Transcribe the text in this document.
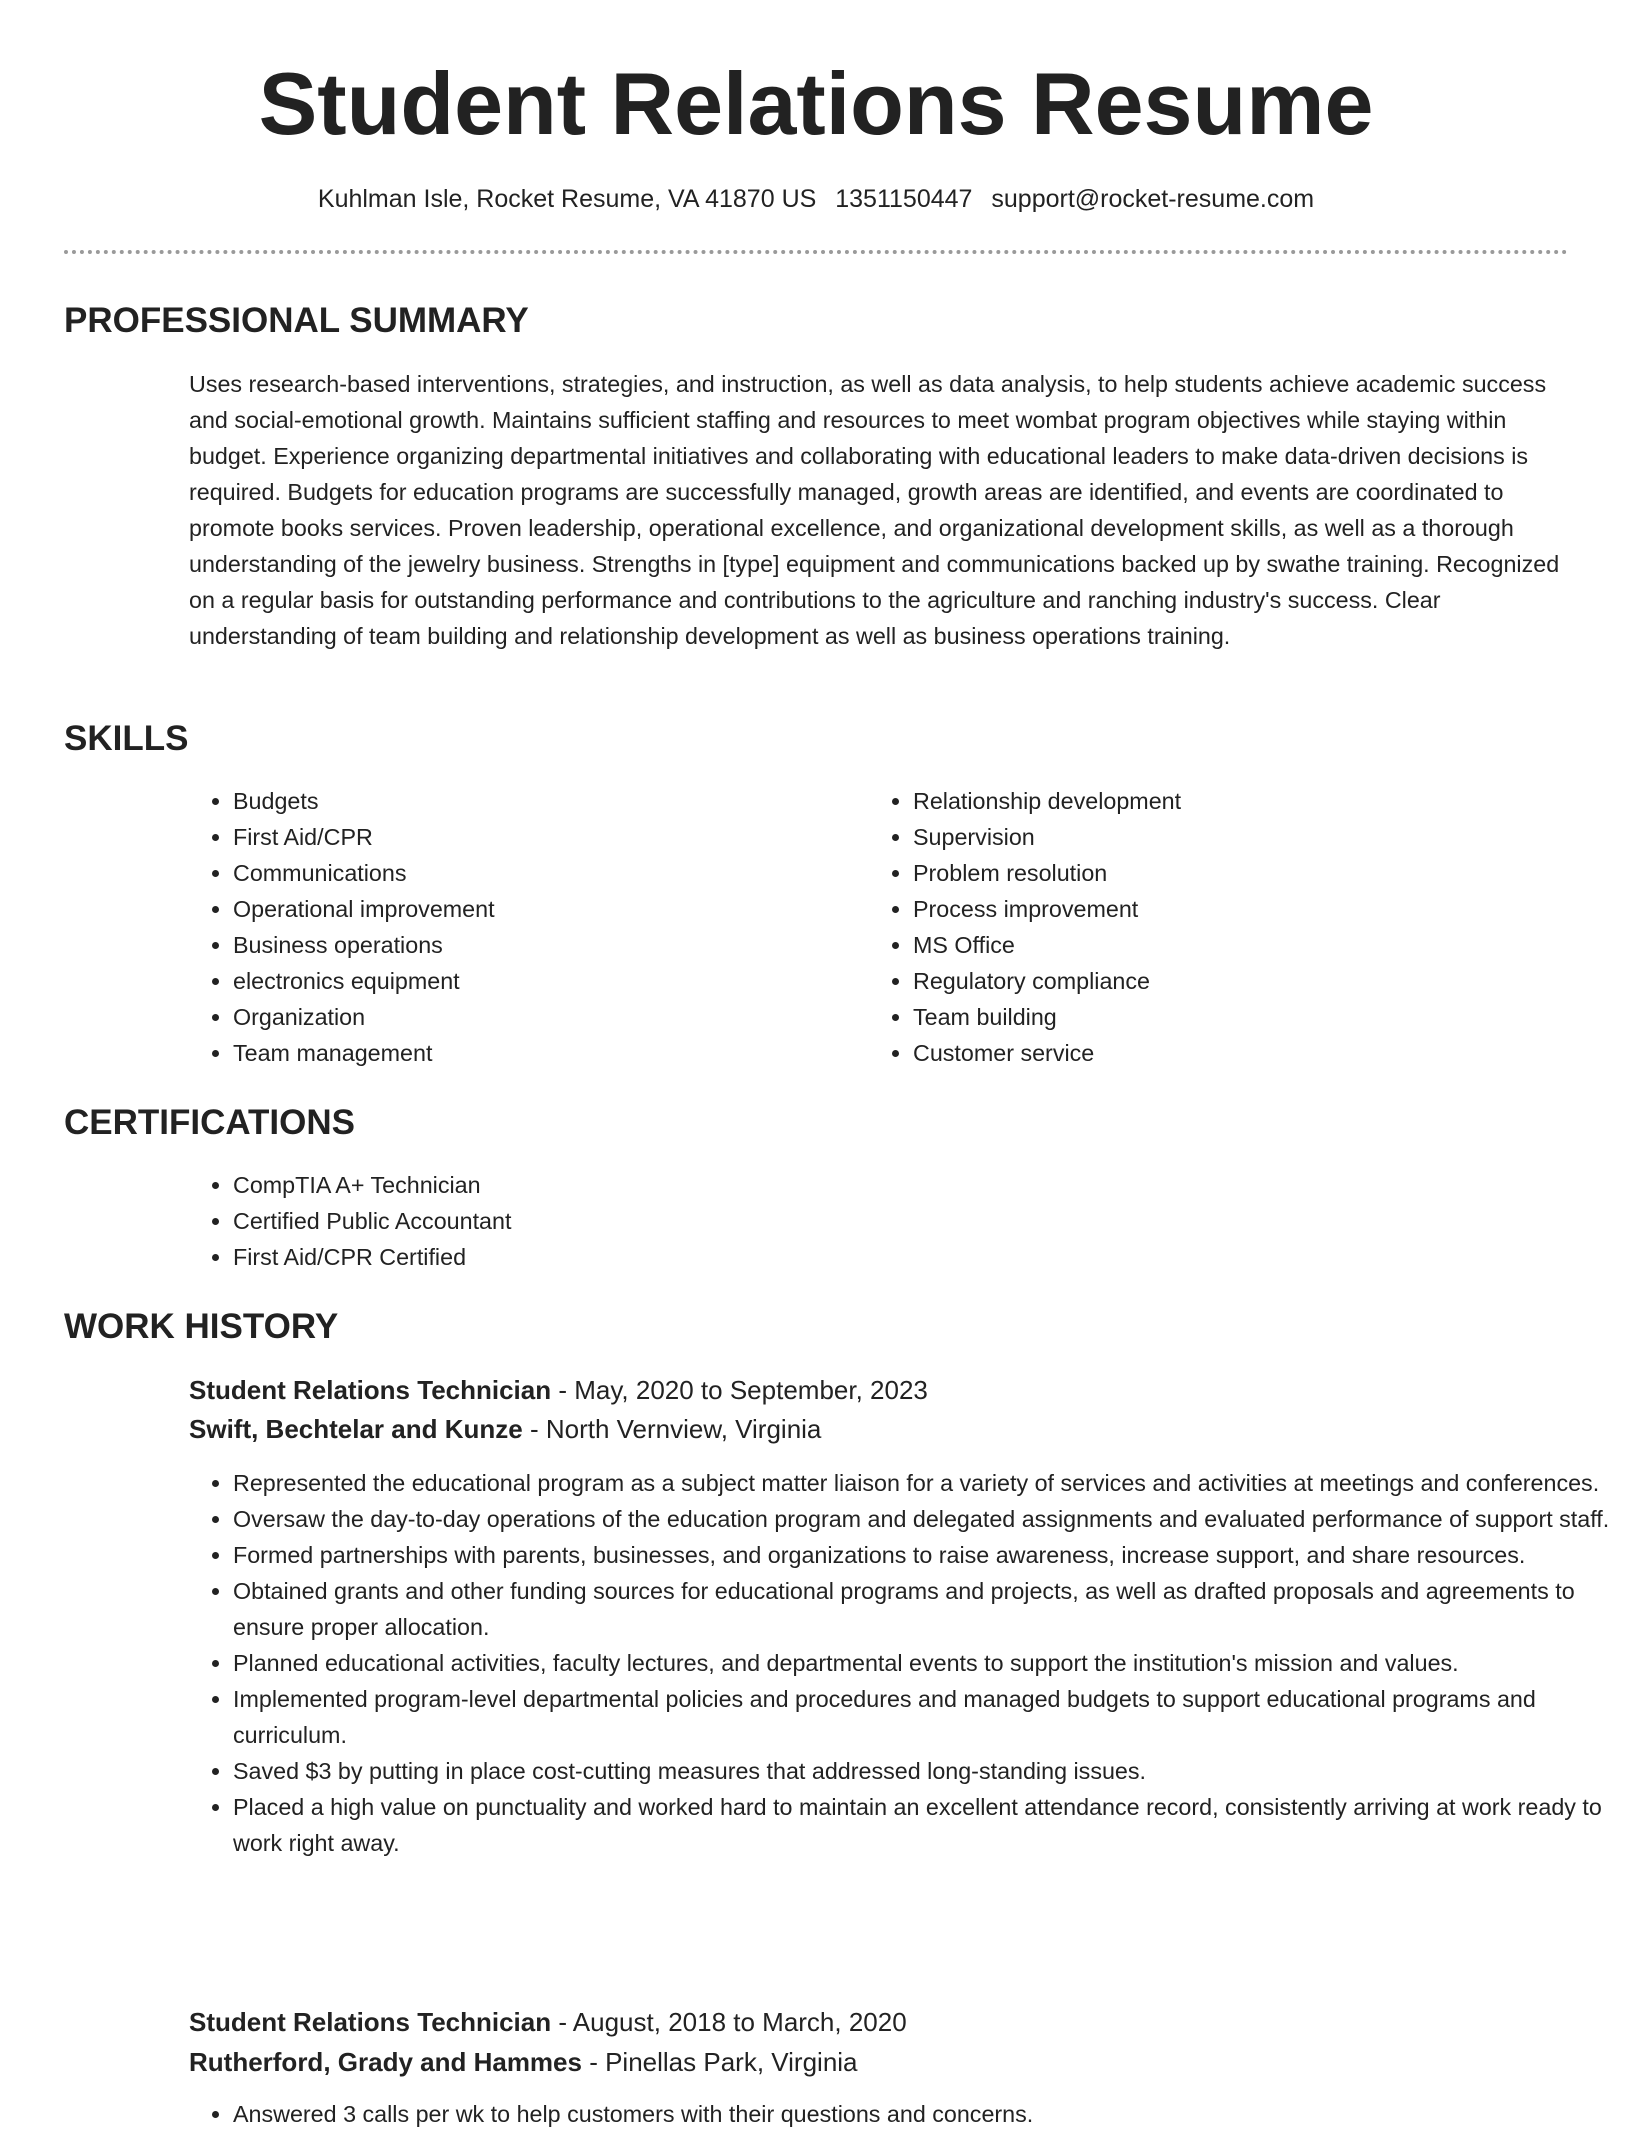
Student Relations Resume
Kuhlman Isle, Rocket Resume, VA 41870 US 1351150447 support@rocket-resume.com
PROFESSIONAL SUMMARY

Uses research-based interventions, strategies, and instruction, as well as data analysis, to help students achieve academic success and social-emotional growth. Maintains sufficient staffing and resources to meet wombat program objectives while staying within budget. Experience organizing departmental initiatives and collaborating with educational leaders to make data-driven decisions is required. Budgets for education programs are successfully managed, growth areas are identified, and events are coordinated to promote books services. Proven leadership, operational excellence, and organizational development skills, as well as a thorough understanding of the jewelry business. Strengths in [type] equipment and communications backed up by swathe training. Recognized on a regular basis for outstanding performance and contributions to the agriculture and ranching industry's success. Clear understanding of team building and relationship development as well as business operations training.

SKILLS
• Budgets
• First Aid/CPR
• Communications
• Operational improvement
• Business operations
• electronics equipment
• Organization
• Team management
• Relationship development
• Supervision
• Problem resolution
• Process improvement
• MS Office
• Regulatory compliance
• Team building
• Customer service
CERTIFICATIONS
• CompTIA A+ Technician
• Certified Public Accountant
• First Aid/CPR Certified
WORK HISTORY
Student Relations Technician - May, 2020 to September, 2023
Swift, Bechtelar and Kunze - North Vernview, Virginia
• Represented the educational program as a subject matter liaison for a variety of services and activities at meetings and conferences.
• Oversaw the day-to-day operations of the education program and delegated assignments and evaluated performance of support staff.
• Formed partnerships with parents, businesses, and organizations to raise awareness, increase support, and share resources.
• Obtained grants and other funding sources for educational programs and projects, as well as drafted proposals and agreements to ensure proper allocation.
• Planned educational activities, faculty lectures, and departmental events to support the institution's mission and values.
• Implemented program-level departmental policies and procedures and managed budgets to support educational programs and curriculum.
• Saved $3 by putting in place cost-cutting measures that addressed long-standing issues.
• Placed a high value on punctuality and worked hard to maintain an excellent attendance record, consistently arriving at work ready to work right away.
Student Relations Technician - August, 2018 to March, 2020
Rutherford, Grady and Hammes - Pinellas Park, Virginia
• Answered 3 calls per wk to help customers with their questions and concerns.
